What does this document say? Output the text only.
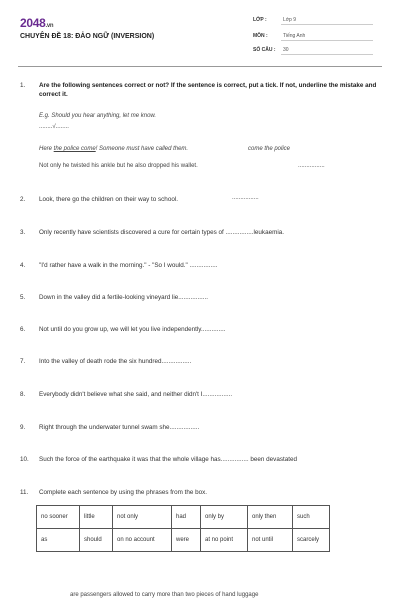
2048.vn
CHUYÊN ĐỀ 18: ĐẢO NGỮ (INVERSION)
LỚP :	Lớp 9
MÔN :	Tiếng Anh
SỐ CÂU : 30
1. Are the following sentences correct or not? If the sentence is correct, put a tick. If not, underline the mistake and correct it.
E.g. Should you hear anything, let me know.
........√........
Here the police come! Someone must have called them.	come the police
Not only he twisted his ankle but he also dropped his wallet.	................
2. Look, there go the children on their way to school.	................
3. Only recently have scientists discovered a cure for certain types of ................leukaemia.
4. "I'd rather have a walk in the morning." - "So I would." ................
5. Down in the valley did a fertile-looking vineyard lie.................
6. Not until do you grow up, we will let you live independently..............
7. Into the valley of death rode the six hundred.................
8. Everybody didn't believe what she said, and neither didn't I.................
9. Right through the underwater tunnel swam she.................
10. Such the force of the earthquake it was that the whole village has................ been devastated
11. Complete each sentence by using the phrases from the box.
no sooner	little	not only	had	only by	only then	such
as	should	on no account	were	at no point	not until	scarcely
are passengers allowed to carry more than two pieces of hand luggage
